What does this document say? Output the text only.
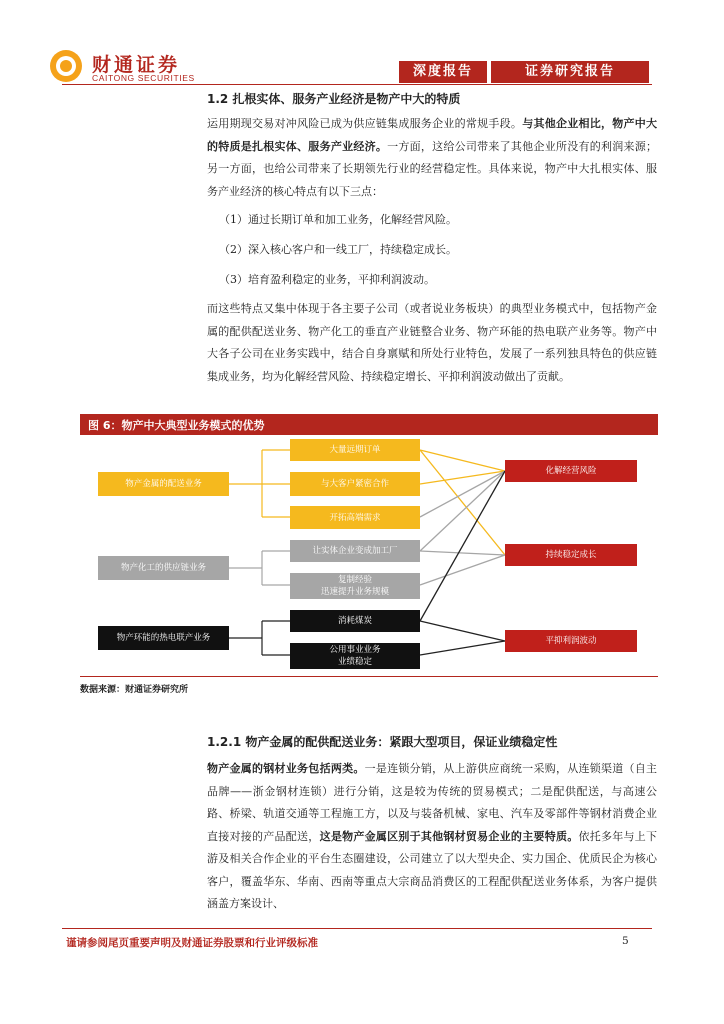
财通证券
CAITONG SECURITIES	深度报告	证券研究报告
1.2 扎根实体、服务产业经济是物产中大的特质
运用期现交易对冲风险已成为供应链集成服务企业的常规手段。与其他企业相比，物产中大的特质是扎根实体、服务产业经济。一方面，这给公司带来了其他企业所没有的利润来源；另一方面，也给公司带来了长期领先行业的经营稳定性。具体来说，物产中大扎根实体、服务产业经济的核心特点有以下三点：
（1）通过长期订单和加工业务，化解经营风险。
（2）深入核心客户和一线工厂，持续稳定成长。
（3）培育盈利稳定的业务，平抑利润波动。
而这些特点又集中体现于各主要子公司（或者说业务板块）的典型业务模式中，包括物产金属的配供配送业务、物产化工的垂直产业链整合业务、物产环能的热电联产业务等。物产中大各子公司在业务实践中，结合自身禀赋和所处行业特色，发展了一系列独具特色的供应链集成业务，均为化解经营风险、持续稳定增长、平抑利润波动做出了贡献。
图 6：物产中大典型业务模式的优势
物产金属的配送业务
物产化工的供应链业务
物产环能的热电联产业务
大量远期订单
与大客户紧密合作
开拓高端需求
让实体企业变成加工厂
复制经验
迅速提升业务规模
消耗煤炭
公用事业业务
业绩稳定
化解经营风险
持续稳定成长
平抑利润波动
数据来源：财通证券研究所
1.2.1 物产金属的配供配送业务：紧跟大型项目，保证业绩稳定性
物产金属的钢材业务包括两类。一是连锁分销，从上游供应商统一采购，从连锁渠道（自主品牌——浙金钢材连锁）进行分销，这是较为传统的贸易模式；二是配供配送，与高速公路、桥梁、轨道交通等工程施工方，以及与装备机械、家电、汽车及零部件等钢材消费企业直接对接的产品配送，这是物产金属区别于其他钢材贸易企业的主要特质。依托多年与上下游及相关合作企业的平台生态圈建设，公司建立了以大型央企、实力国企、优质民企为核心客户，覆盖华东、华南、西南等重点大宗商品消费区的工程配供配送业务体系，为客户提供涵盖方案设计、
谨请参阅尾页重要声明及财通证券股票和行业评级标准	5
